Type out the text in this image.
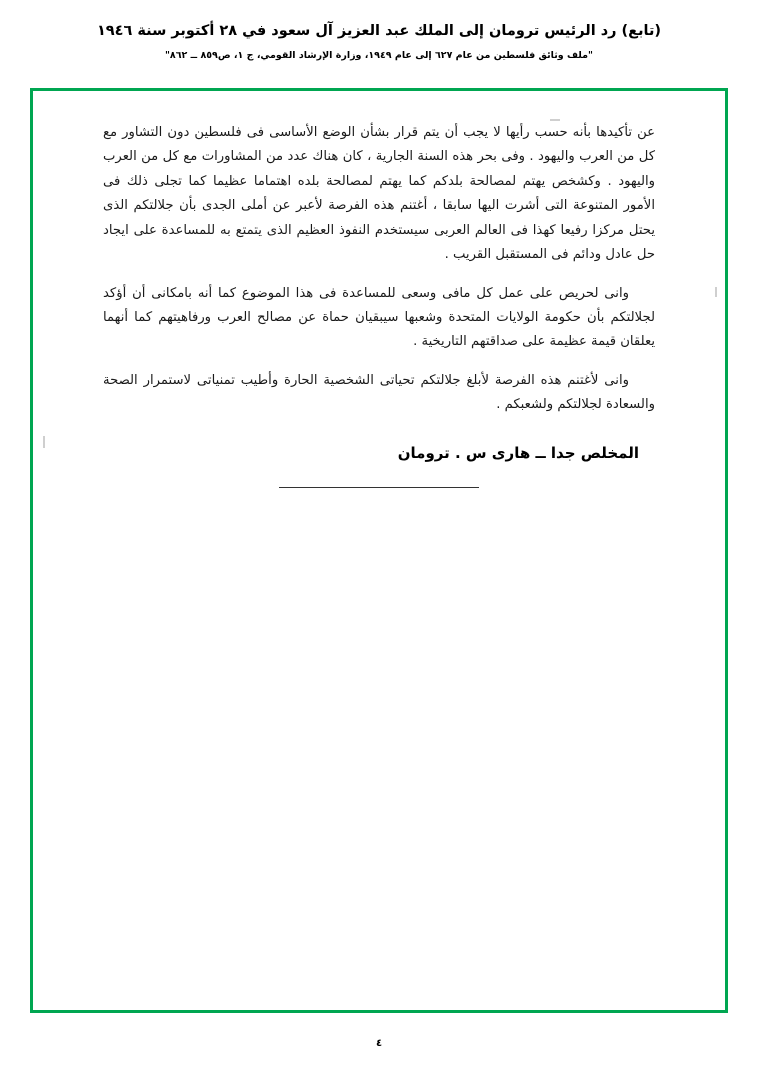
(تابع) رد الرئيس ترومان إلى الملك عبد العزيز آل سعود في ٢٨ أكتوبر سنة ١٩٤٦
"ملف وثائق فلسطين من عام ٦٢٧ إلى عام ١٩٤٩، وزارة الإرشاد القومي، ج ١، ص٨٥٩ ــ ٨٦٢"

عن تأكيدها بأنه حسب رأيها لا يجب أن يتم قرار بشأن الوضع الأساسى فى فلسطين دون التشاور مع كل من العرب واليهود . وفى بحر هذه السنة الجارية ، كان هناك عدد من المشاورات مع كل من العرب واليهود . وكشخص يهتم لمصالحة بلدكم كما يهتم لمصالحة بلده اهتماما عظيما كما تجلى ذلك فى الأمور المتنوعة التى أشرت اليها سابقا ، أغتنم هذه الفرصة لأعبر عن أملى الجدى بأن جلالتكم الذى يحتل مركزا رفيعا كهذا فى العالم العربى سيستخدم النفوذ العظيم الذى يتمتع به للمساعدة على ايجاد حل عادل ودائم فى المستقبل القريب .

وانى لحريص على عمل كل مافى وسعى للمساعدة فى هذا الموضوع كما أنه بامكانى أن أؤكد لجلالتكم بأن حكومة الولايات المتحدة وشعبها سيبقيان حماة عن مصالح العرب ورفاهيتهم كما أنهما يعلقان قيمة عظيمة على صداقتهم التاريخية .

وانى لأغتنم هذه الفرصة لأبلغ جلالتكم تحياتى الشخصية الحارة وأطيب تمنياتى لاستمرار الصحة والسعادة لجلالتكم ولشعبكم .

المخلص جدا ــ هارى س . ترومان
٤
